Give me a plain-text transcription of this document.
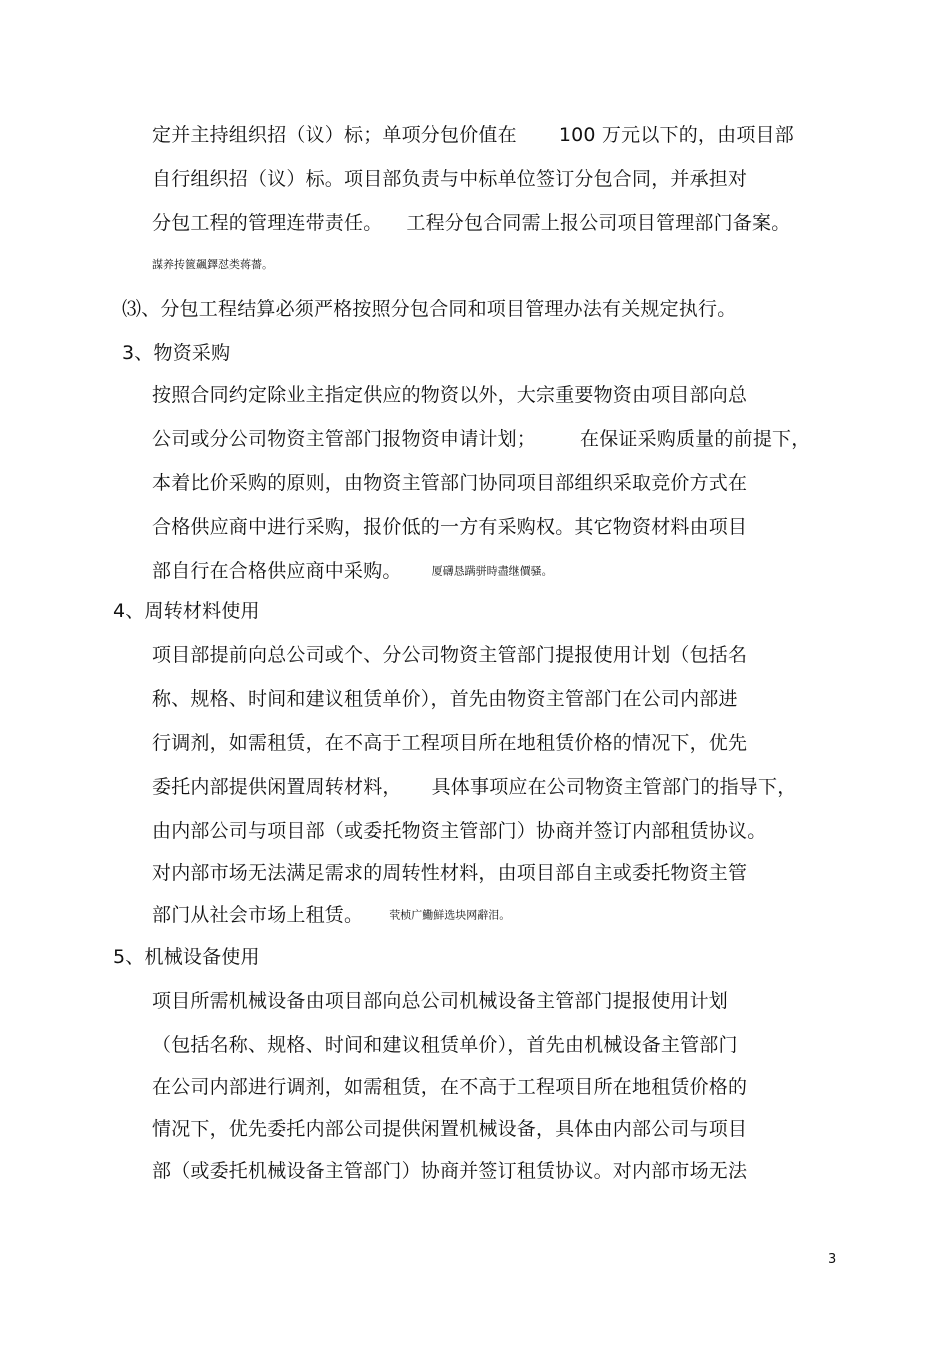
定并主持组织招（议）标；单项分包价值在 100 万元以下的，由项目部
自行组织招（议）标。项目部负责与中标单位签订分包合同，并承担对
分包工程的管理连带责任。 工程分包合同需上报公司项目管理部门备案。
謀养抟篋飆鐸怼类蒋薔。
⑶、分包工程结算必须严格按照分包合同和项目管理办法有关规定执行。
3、物资采购
按照合同约定除业主指定供应的物资以外，大宗重要物资由项目部向总
公司或分公司物资主管部门报物资申请计划； 在保证采购质量的前提下，
本着比价采购的原则，由物资主管部门协同项目部组织采取竞价方式在
合格供应商中进行采购，报价低的一方有采购权。其它物资材料由项目
部自行在合格供应商中采购。	厦礴恳蹒骈時盡继價骚。
4、周转材料使用
项目部提前向总公司或个、分公司物资主管部门提报使用计划（包括名
称、规格、时间和建议租赁单价），首先由物资主管部门在公司内部进
行调剂，如需租赁，在不高于工程项目所在地租赁价格的情况下，优先
委托内部提供闲置周转材料， 具体事项应在公司物资主管部门的指导下，
由内部公司与项目部（或委托物资主管部门）协商并签订内部租赁协议。
对内部市场无法满足需求的周转性材料，由项目部自主或委托物资主管
部门从社会市场上租赁。 茕桢广鰳鮮选块网辭泪。
5、机械设备使用
项目所需机械设备由项目部向总公司机械设备主管部门提报使用计划
（包括名称、规格、时间和建议租赁单价），首先由机械设备主管部门
在公司内部进行调剂，如需租赁，在不高于工程项目所在地租赁价格的
情况下，优先委托内部公司提供闲置机械设备，具体由内部公司与项目
部（或委托机械设备主管部门）协商并签订租赁协议。对内部市场无法
3
